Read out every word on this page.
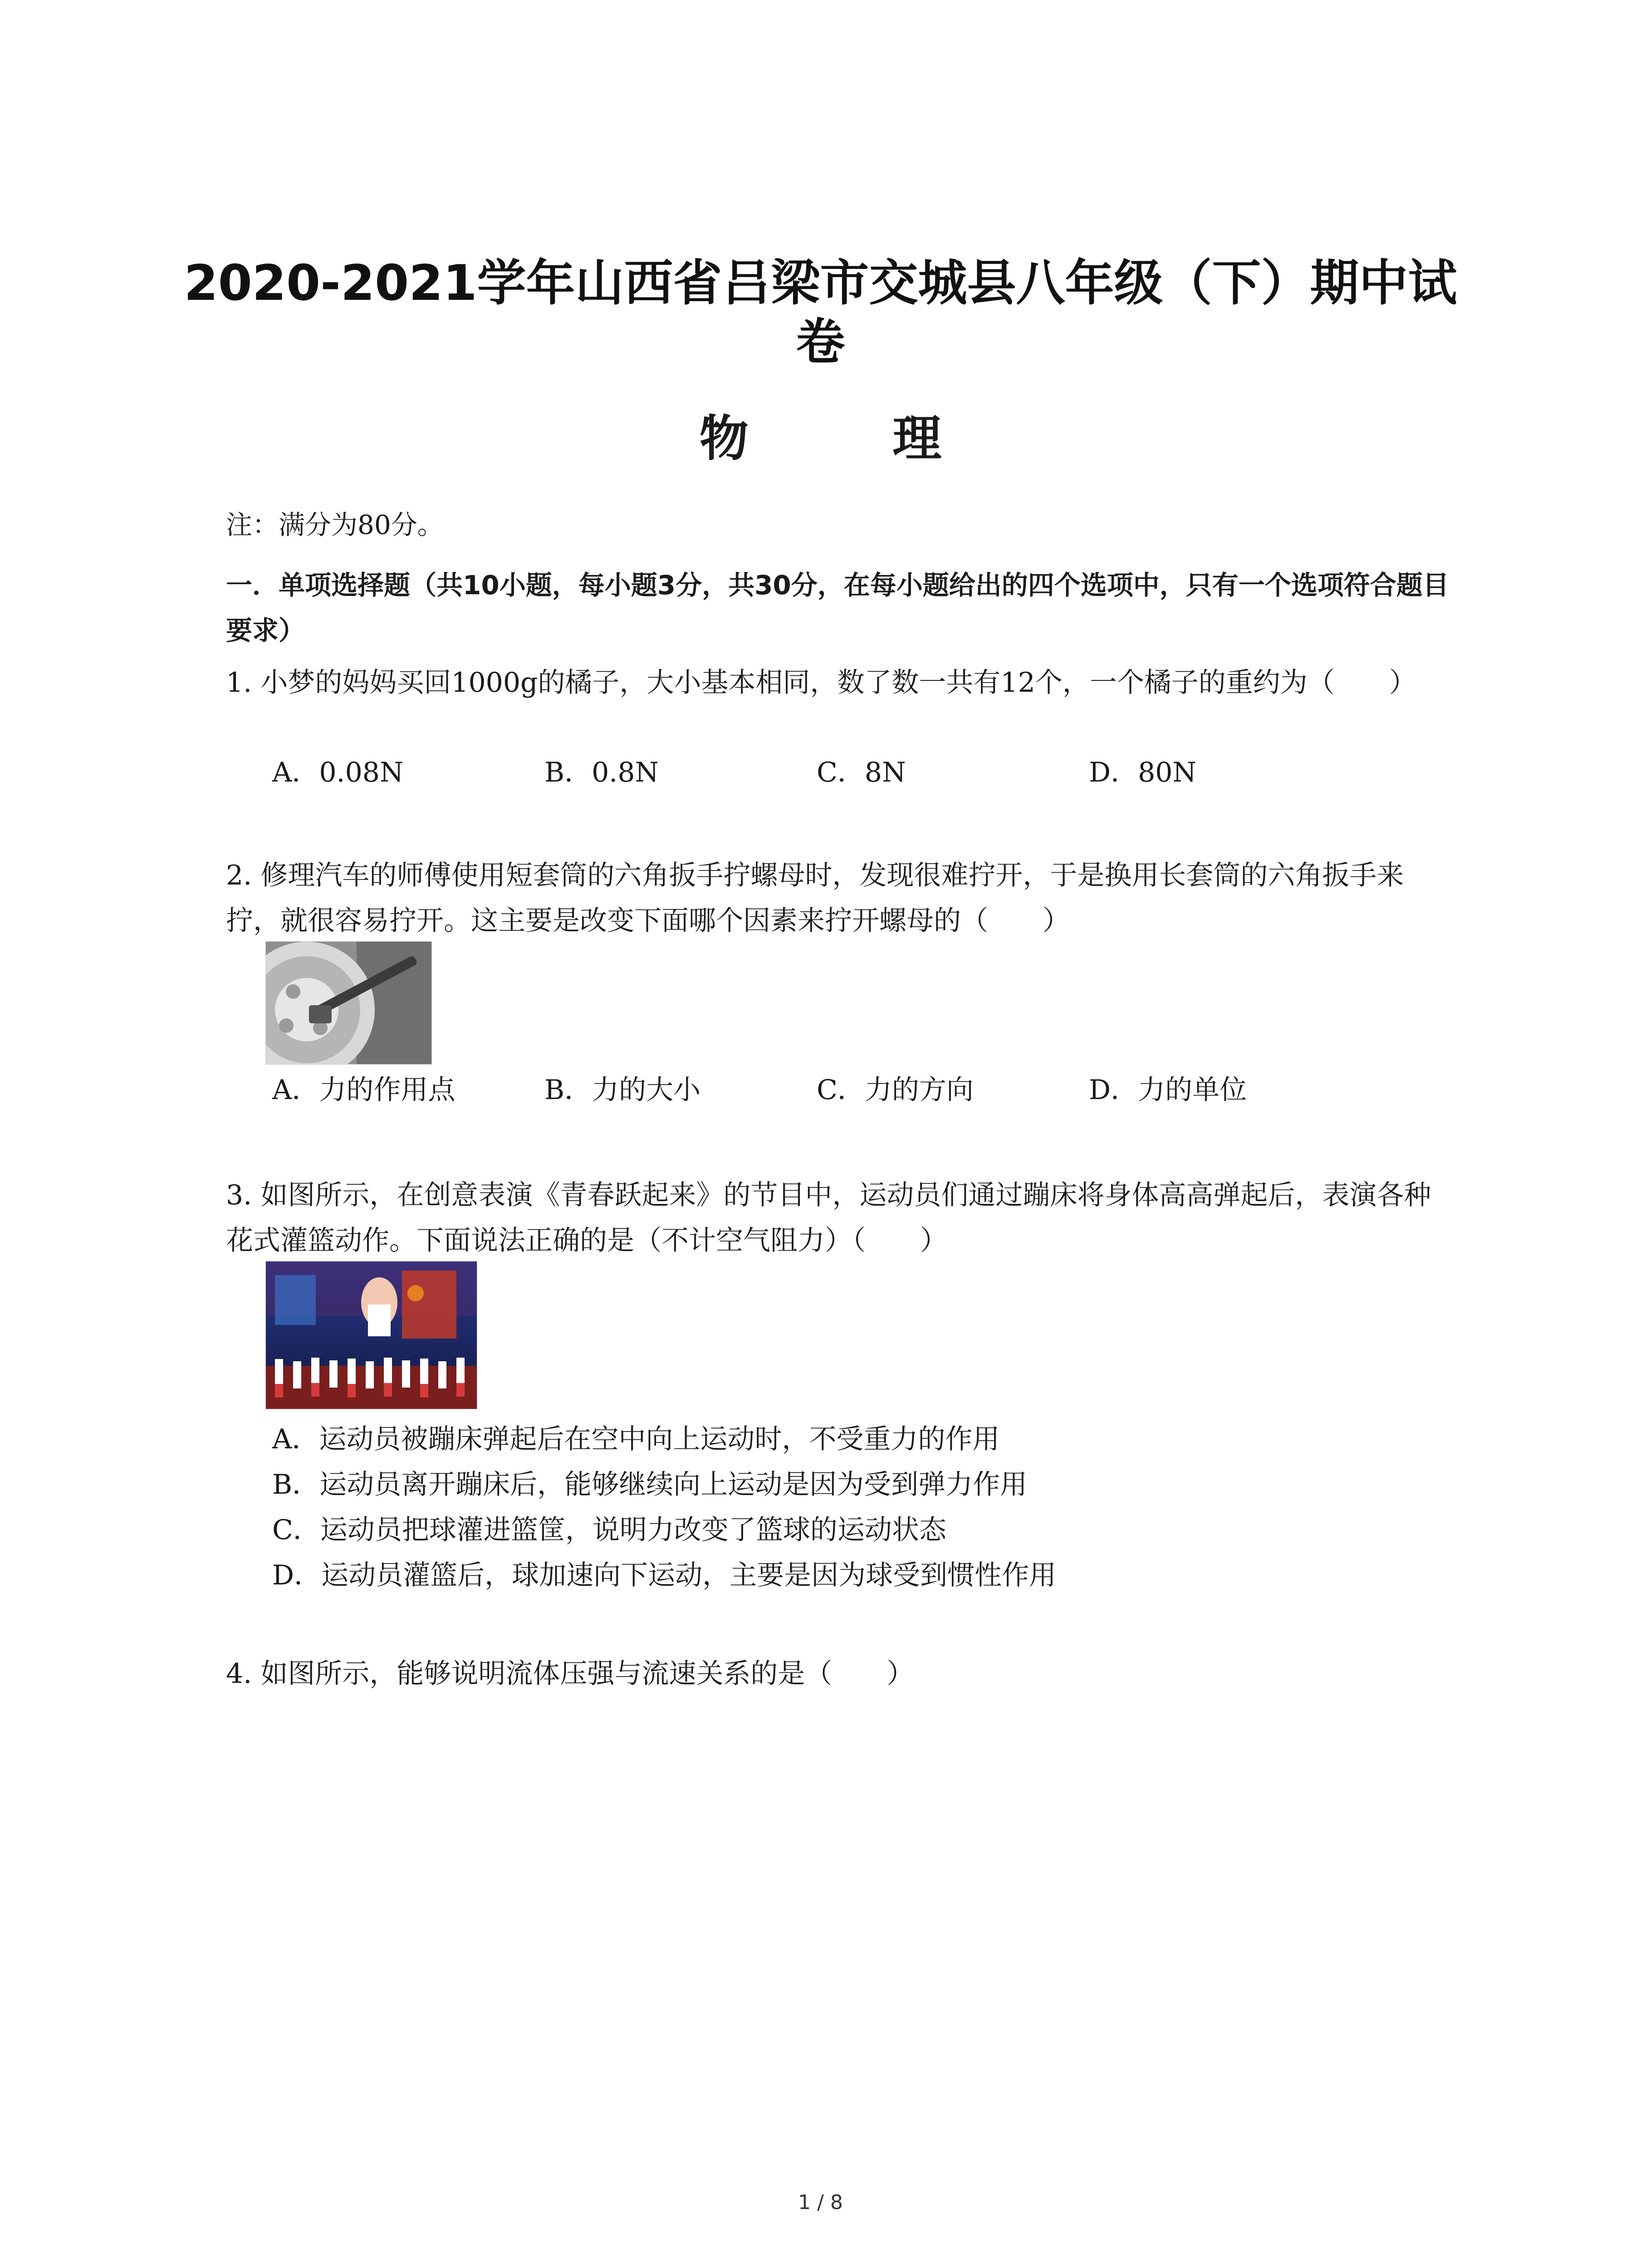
2020-2021学年山西省吕梁市交城县八年级（下）期中试卷
物 理
注：满分为80分。
一．单项选择题（共10小题，每小题3分，共30分，在每小题给出的四个选项中，只有一个选项符合题目要求）
1. 小梦的妈妈买回1000g的橘子，大小基本相同，数了数一共有12个，一个橘子的重约为（　　）
A．0.08N	B．0.8N	C．8N	D．80N
2. 修理汽车的师傅使用短套筒的六角扳手拧螺母时，发现很难拧开，于是换用长套筒的六角扳手来拧，就很容易拧开。这主要是改变下面哪个因素来拧开螺母的（　　）
A．力的作用点	B．力的大小	C．力的方向	D．力的单位
3. 如图所示，在创意表演《青春跃起来》的节目中，运动员们通过蹦床将身体高高弹起后，表演各种花式灌篮动作。下面说法正确的是（不计空气阻力）（　　）
A．运动员被蹦床弹起后在空中向上运动时，不受重力的作用
B．运动员离开蹦床后，能够继续向上运动是因为受到弹力作用
C．运动员把球灌进篮筐，说明力改变了篮球的运动状态
D．运动员灌篮后，球加速向下运动，主要是因为球受到惯性作用
4. 如图所示，能够说明流体压强与流速关系的是（　　）
1 / 8
